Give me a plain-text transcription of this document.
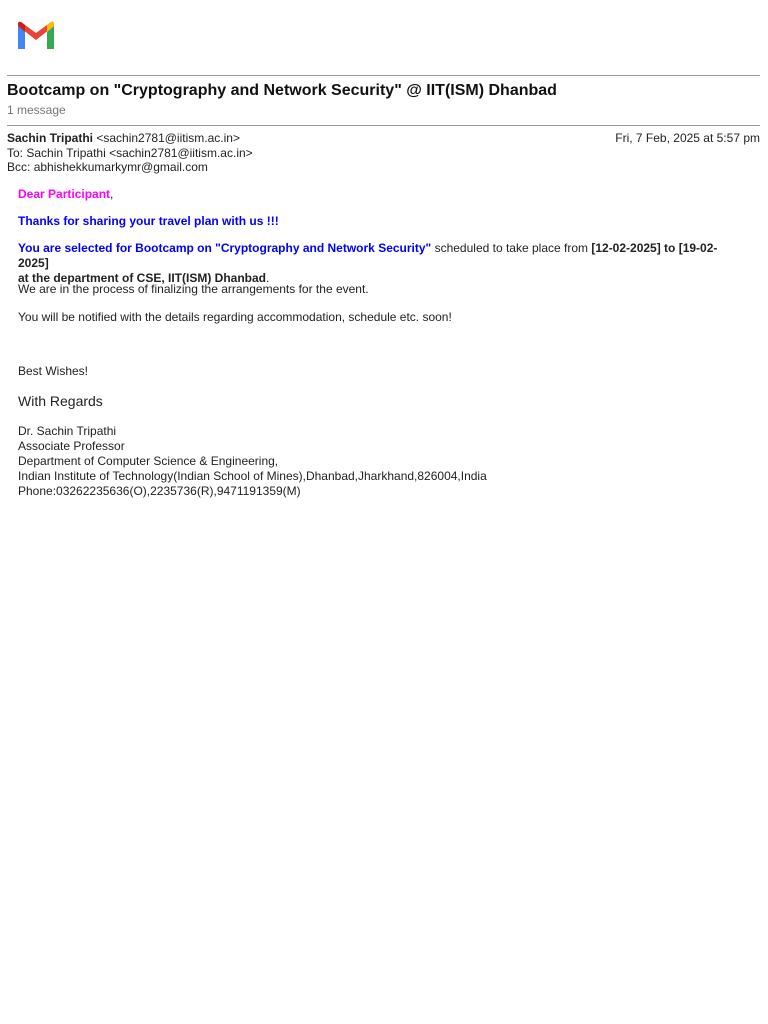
Bootcamp on "Cryptography and Network Security" @ IIT(ISM) Dhanbad
1 message
Sachin Tripathi <sachin2781@iitism.ac.in>	Fri, 7 Feb, 2025 at 5:57 pm
To: Sachin Tripathi <sachin2781@iitism.ac.in>
Bcc: abhishekkumarkymr@gmail.com
Dear Participant,
Thanks for sharing your travel plan with us !!!
You are selected for Bootcamp on "Cryptography and Network Security" scheduled to take place from [12-02-2025] to [19-02-2025]
at the department of CSE, IIT(ISM) Dhanbad.
We are in the process of finalizing the arrangements for the event.
You will be notified with the details regarding accommodation, schedule etc. soon!
Best Wishes!
With Regards
Dr. Sachin Tripathi
Associate Professor
Department of Computer Science & Engineering,
Indian Institute of Technology(Indian School of Mines),Dhanbad,Jharkhand,826004,India
Phone:03262235636(O),2235736(R),9471191359(M)
